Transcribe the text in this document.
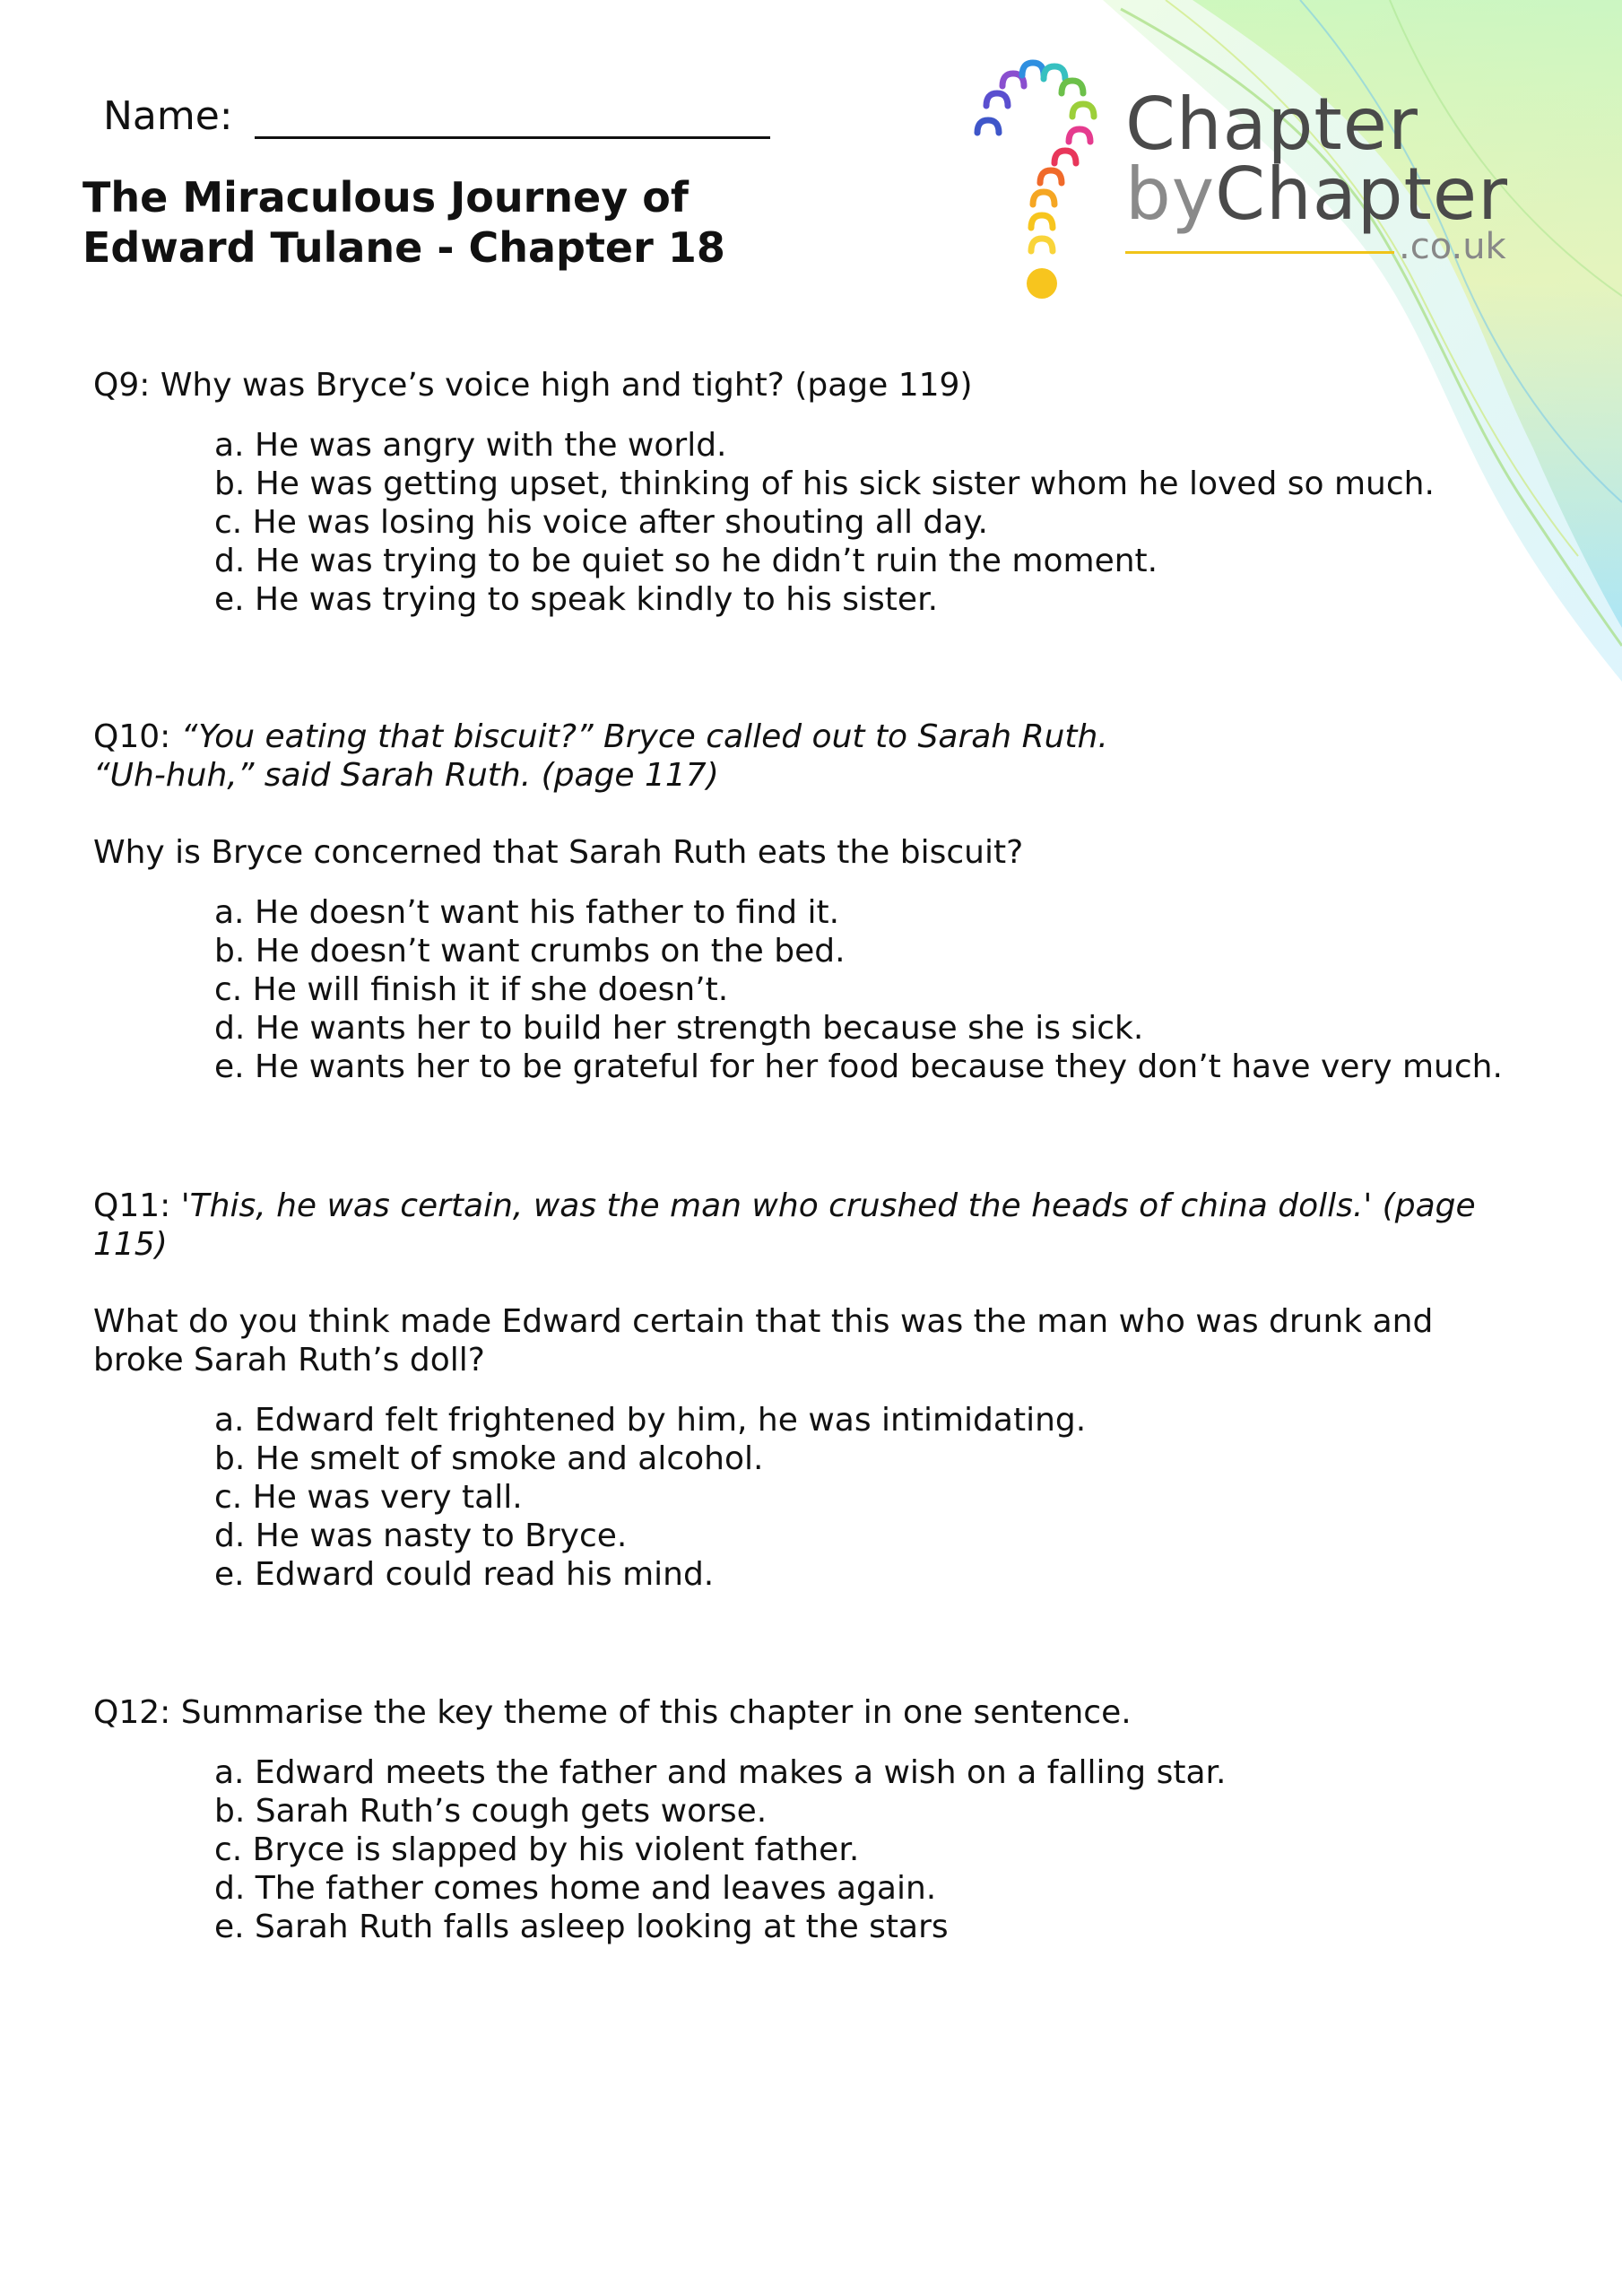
Name:
The Miraculous Journey of
Edward Tulane - Chapter 18
Chapter
byChapter
.co.uk

Q9: Why was Bryce’s voice high and tight? (page 119)

a. He was angry with the world.
b. He was getting upset, thinking of his sick sister whom he loved so much.
c. He was losing his voice after shouting all day.
d. He was trying to be quiet so he didn’t ruin the moment.
e. He was trying to speak kindly to his sister.

Q10: “You eating that biscuit?” Bryce called out to Sarah Ruth.

“Uh-huh,” said Sarah Ruth. (page 117)

Why is Bryce concerned that Sarah Ruth eats the biscuit?

a. He doesn’t want his father to find it.
b. He doesn’t want crumbs on the bed.
c. He will finish it if she doesn’t.
d. He wants her to build her strength because she is sick.
e. He wants her to be grateful for her food because they don’t have very much.

Q11: 'This, he was certain, was the man who crushed the heads of china dolls.' (page

115)

What do you think made Edward certain that this was the man who was drunk and

broke Sarah Ruth’s doll?

a. Edward felt frightened by him, he was intimidating.
b. He smelt of smoke and alcohol.
c. He was very tall.
d. He was nasty to Bryce.
e. Edward could read his mind.

Q12: Summarise the key theme of this chapter in one sentence.

a. Edward meets the father and makes a wish on a falling star.
b. Sarah Ruth’s cough gets worse.
c. Bryce is slapped by his violent father.
d. The father comes home and leaves again.
e. Sarah Ruth falls asleep looking at the stars
